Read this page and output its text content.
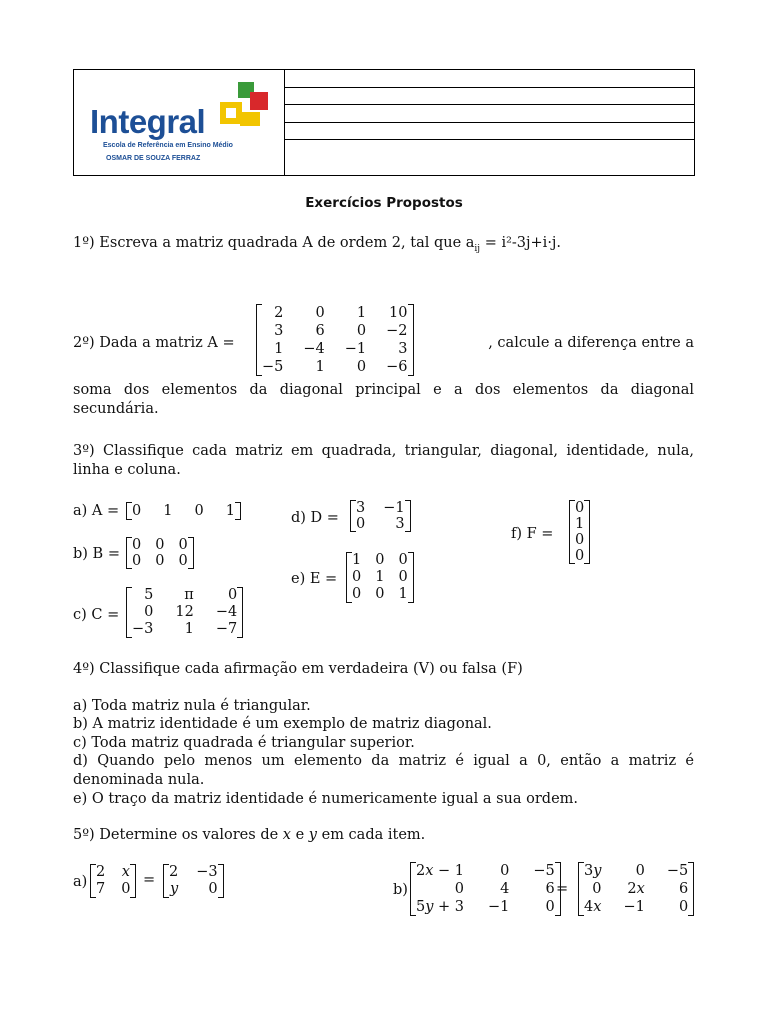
Integral
Escola de Referência em Ensino Médio
OSMAR DE SOUZA FERRAZ
Exercícios Propostos
1º) Escreva a matriz quadrada A de ordem 2, tal que $a_{ij} = i^2-3j+i\cdot j$.
2º) Dada a matriz A =
2	0	1 10
3	6	0 −2
1 −4 −1	3
−5	1	0 −6
, calcule a diferença entre a
soma dos elementos da diagonal principal e a dos elementos da diagonal secundária.
3º) Classifique cada matriz em quadrada, triangular, diagonal, identidade, nula, linha e coluna.
a) A = 0 1 0 1
b) B =
0 0 0
0 0 0
c) C =
5	π	0
0 12 −4
−3	1 −7
d) D =
3 −1
0	3
e) E =
1 0 0
0 1 0
0 0 1
f) F =
0
1
0
0
4º) Classifique cada afirmação em verdadeira (V) ou falsa (F)
a) Toda matriz nula é triangular.
b) A matriz identidade é um exemplo de matriz diagonal.
c) Toda matriz quadrada é triangular superior.
d) Quando pelo menos um elemento da matriz é igual a 0, então a matriz é denominada nula.
e) O traço da matriz identidade é numericamente igual a sua ordem.
5º) Determine os valores de x e y em cada item.
a)
2 x
7 0
= 2 −3
y	0	b)
2x − 1	0 −5
0	4	6
5y + 3 −1	0
=
3y	0 −5
0 2x	6
4x −1	0
